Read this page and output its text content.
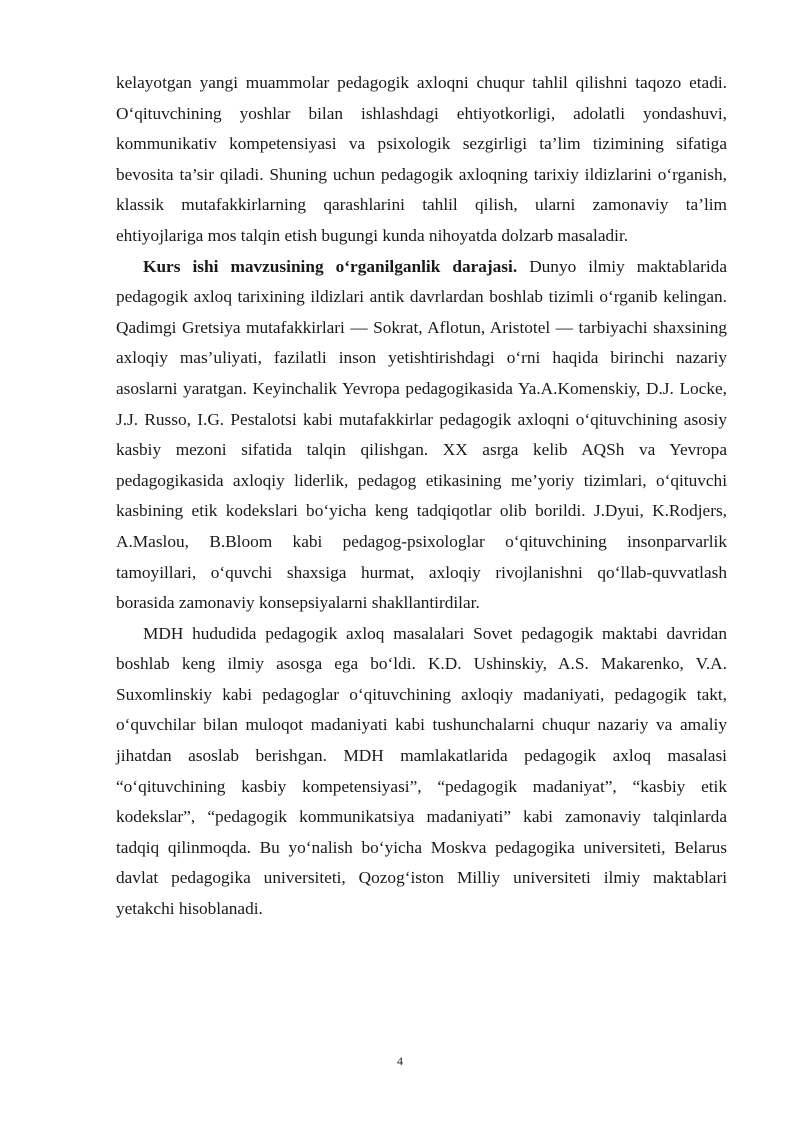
kelayotgan yangi muammolar pedagogik axloqni chuqur tahlil qilishni taqozo etadi. O‘qituvchining yoshlar bilan ishlashdagi ehtiyotkorligi, adolatli yondashuvi, kommunikativ kompetensiyasi va psixologik sezgirligi ta’lim tizimining sifatiga bevosita ta’sir qiladi. Shuning uchun pedagogik axloqning tarixiy ildizlarini o‘rganish, klassik mutafakkirlarning qarashlarini tahlil qilish, ularni zamonaviy ta’lim ehtiyojlariga mos talqin etish bugungi kunda nihoyatda dolzarb masaladir.

Kurs ishi mavzusining o‘rganilganlik darajasi. Dunyo ilmiy maktablarida pedagogik axloq tarixining ildizlari antik davrlardan boshlab tizimli o‘rganib kelingan. Qadimgi Gretsiya mutafakkirlari — Sokrat, Aflotun, Aristotel — tarbiyachi shaxsining axloqiy mas’uliyati, fazilatli inson yetishtirishdagi o‘rni haqida birinchi nazariy asoslarni yaratgan. Keyinchalik Yevropa pedagogikasida Ya.A.Komenskiy, D.J. Locke, J.J. Russo, I.G. Pestalotsi kabi mutafakkirlar pedagogik axloqni o‘qituvchining asosiy kasbiy mezoni sifatida talqin qilishgan. XX asrga kelib AQSh va Yevropa pedagogikasida axloqiy liderlik, pedagog etikasining me’yoriy tizimlari, o‘qituvchi kasbining etik kodekslari bo‘yicha keng tadqiqotlar olib borildi. J.Dyui, K.Rodjers, A.Maslou, B.Bloom kabi pedagog-psixologlar o‘qituvchining insonparvarlik tamoyillari, o‘quvchi shaxsiga hurmat, axloqiy rivojlanishni qo‘llab-quvvatlash borasida zamonaviy konsepsiyalarni shakllantirdilar.

MDH hududida pedagogik axloq masalalari Sovet pedagogik maktabi davridan boshlab keng ilmiy asosga ega bo‘ldi. K.D. Ushinskiy, A.S. Makarenko, V.A. Suxomlinskiy kabi pedagoglar o‘qituvchining axloqiy madaniyati, pedagogik takt, o‘quvchilar bilan muloqot madaniyati kabi tushunchalarni chuqur nazariy va amaliy jihatdan asoslab berishgan. MDH mamlakatlarida pedagogik axloq masalasi “o‘qituvchining kasbiy kompetensiyasi”, “pedagogik madaniyat”, “kasbiy etik kodekslar”, “pedagogik kommunikatsiya madaniyati” kabi zamonaviy talqinlarda tadqiq qilinmoqda. Bu yo‘nalish bo‘yicha Moskva pedagogika universiteti, Belarus davlat pedagogika universiteti, Qozog‘iston Milliy universiteti ilmiy maktablari yetakchi hisoblanadi.

4
